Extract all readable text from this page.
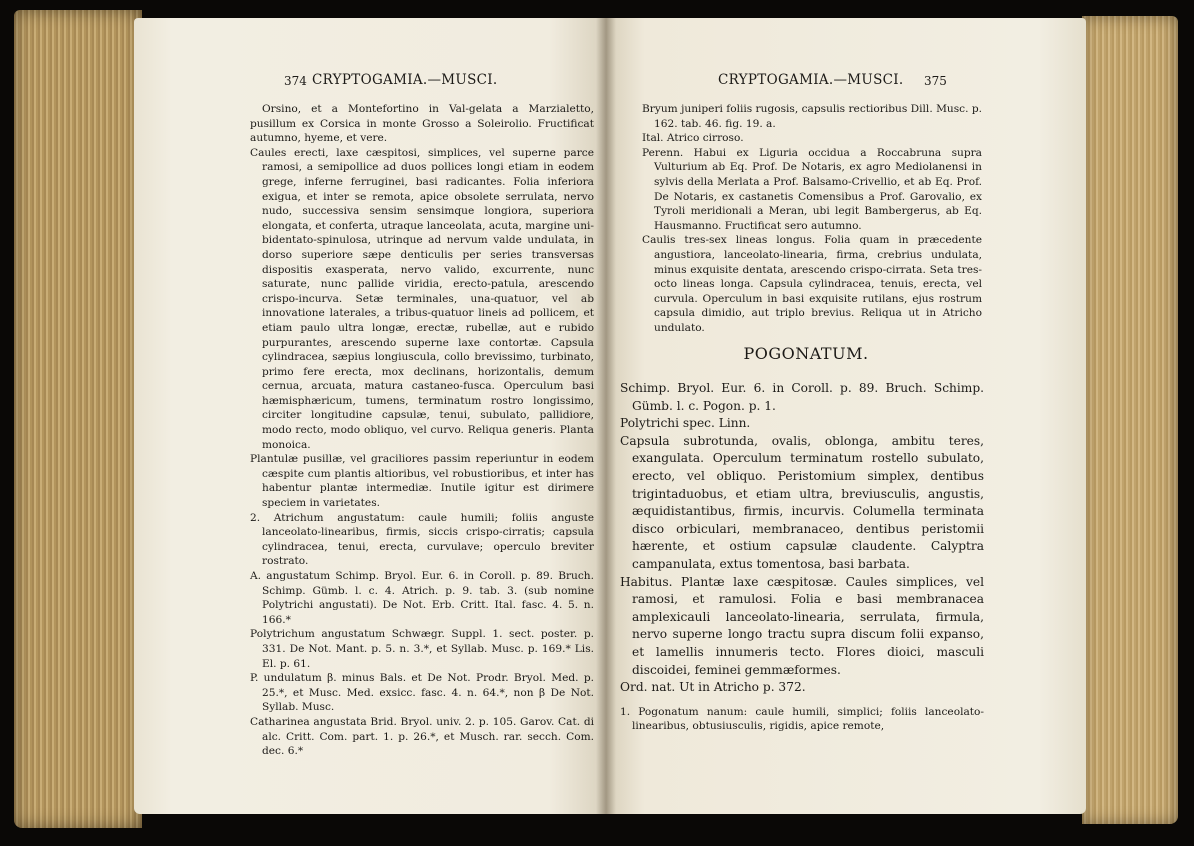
374 CRYPTOGAMIA.—MUSCI.

Orsino, et a Montefortino in Val-gelata a Marzialetto, pusillum ex Corsica in monte Grosso a Soleirolio. Fructificat autumno, hyeme, et vere.

Caules erecti, laxe cæspitosi, simplices, vel superne parce ramosi, a semipollice ad duos pollices longi etiam in eodem grege, inferne ferruginei, basi radicantes. Folia inferiora exigua, et inter se remota, apice obsolete serrulata, nervo nudo, successiva sensim sensimque longiora, superiora elongata, et conferta, utraque lanceolata, acuta, margine uni-bidentato-spinulosa, utrinque ad nervum valde undulata, in dorso superiore sæpe denticulis per series transversas dispositis exasperata, nervo valido, excurrente, nunc saturate, nunc pallide viridia, erecto-patula, arescendo crispo-incurva. Setæ terminales, una-quatuor, vel ab innovatione laterales, a tribus-quatuor lineis ad pollicem, et etiam paulo ultra longæ, erectæ, rubellæ, aut e rubido purpurantes, arescendo superne laxe contortæ. Capsula cylindracea, sæpius longiuscula, collo brevissimo, turbinato, primo fere erecta, mox declinans, horizontalis, demum cernua, arcuata, matura castaneo-fusca. Operculum basi hæmisphæricum, tumens, terminatum rostro longissimo, circiter longitudine capsulæ, tenui, subulato, pallidiore, modo recto, modo obliquo, vel curvo. Reliqua generis. Planta monoica.

Plantulæ pusillæ, vel graciliores passim reperiuntur in eodem cæspite cum plantis altioribus, vel robustioribus, et inter has habentur plantæ intermediæ. Inutile igitur est dirimere speciem in varietates.

2. Atrichum angustatum: caule humili; foliis anguste lanceolato-linearibus, firmis, siccis crispo-cirratis; capsula cylindracea, tenui, erecta, curvulave; operculo breviter rostrato.

A. angustatum Schimp. Bryol. Eur. 6. in Coroll. p. 89. Bruch. Schimp. Gümb. l. c. 4. Atrich. p. 9. tab. 3. (sub nomine Polytrichi angustati). De Not. Erb. Critt. Ital. fasc. 4. 5. n. 166.*

Polytrichum angustatum Schwægr. Suppl. 1. sect. poster. p. 331. De Not. Mant. p. 5. n. 3.*, et Syllab. Musc. p. 169.* Lis. El. p. 61.

P. undulatum β. minus Bals. et De Not. Prodr. Bryol. Med. p. 25.*, et Musc. Med. exsicc. fasc. 4. n. 64.*, non β De Not. Syllab. Musc.

Catharinea angustata Brid. Bryol. univ. 2. p. 105. Garov. Cat. di alc. Critt. Com. part. 1. p. 26.*, et Musch. rar. secch. Com. dec. 6.*

CRYPTOGAMIA.—MUSCI. 375

Bryum juniperi foliis rugosis, capsulis rectioribus Dill. Musc. p. 162. tab. 46. fig. 19. a.

Ital. Atrico cirroso.

Perenn. Habui ex Liguria occidua a Roccabruna supra Vulturium ab Eq. Prof. De Notaris, ex agro Mediolanensi in sylvis della Merlata a Prof. Balsamo-Crivellio, et ab Eq. Prof. De Notaris, ex castanetis Comensibus a Prof. Garovalio, ex Tyroli meridionali a Meran, ubi legit Bambergerus, ab Eq. Hausmanno. Fructificat sero autumno.

Caulis tres-sex lineas longus. Folia quam in præcedente angustiora, lanceolato-linearia, firma, crebrius undulata, minus exquisite dentata, arescendo crispo-cirrata. Seta tres-octo lineas longa. Capsula cylindracea, tenuis, erecta, vel curvula. Operculum in basi exquisite rutilans, ejus rostrum capsula dimidio, aut triplo brevius. Reliqua ut in Atricho undulato.

POGONATUM.

Schimp. Bryol. Eur. 6. in Coroll. p. 89. Bruch. Schimp. Gümb. l. c. Pogon. p. 1.

Polytrichi spec. Linn.

Capsula subrotunda, ovalis, oblonga, ambitu teres, exangulata. Operculum terminatum rostello subulato, erecto, vel obliquo. Peristomium simplex, dentibus trigintaduobus, et etiam ultra, breviusculis, angustis, æquidistantibus, firmis, incurvis. Columella terminata disco orbiculari, membranaceo, dentibus peristomii hærente, et ostium capsulæ claudente. Calyptra campanulata, extus tomentosa, basi barbata.

Habitus. Plantæ laxe cæspitosæ. Caules simplices, vel ramosi, et ramulosi. Folia e basi membranacea amplexicauli lanceolato-linearia, serrulata, firmula, nervo superne longo tractu supra discum folii expanso, et lamellis innumeris tecto. Flores dioici, masculi discoidei, feminei gemmæformes.

Ord. nat. Ut in Atricho p. 372.

1. Pogonatum nanum: caule humili, simplici; foliis lanceolato-linearibus, obtusiusculis, rigidis, apice remote,
